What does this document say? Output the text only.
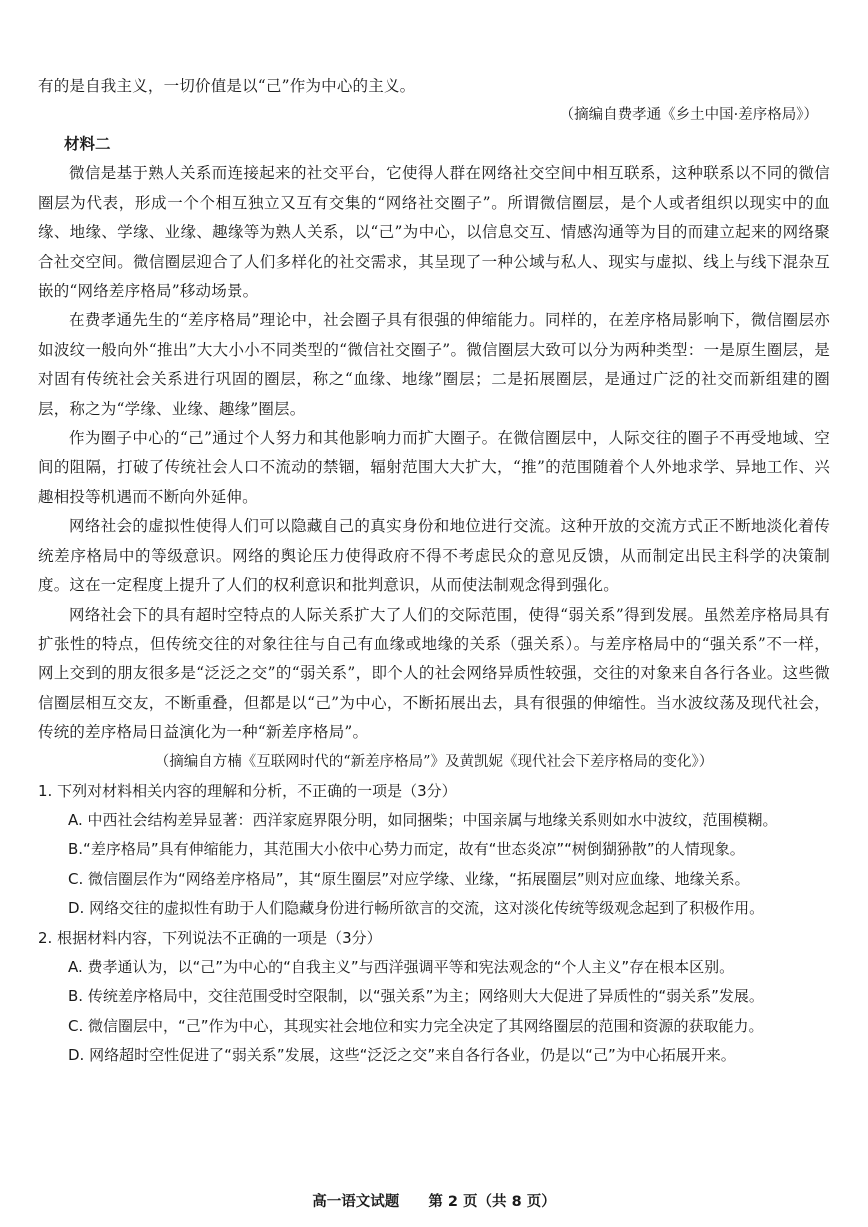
有的是自我主义，一切价值是以“己”作为中心的主义。

（摘编自费孝通《乡土中国·差序格局》）

材料二

微信是基于熟人关系而连接起来的社交平台，它使得人群在网络社交空间中相互联系，这种联系以不同的微信圈层为代表，形成一个个相互独立又互有交集的“网络社交圈子”。所谓微信圈层，是个人或者组织以现实中的血缘、地缘、学缘、业缘、趣缘等为熟人关系，以“己”为中心，以信息交互、情感沟通等为目的而建立起来的网络聚合社交空间。微信圈层迎合了人们多样化的社交需求，其呈现了一种公域与私人、现实与虚拟、线上与线下混杂互嵌的“网络差序格局”移动场景。

在费孝通先生的“差序格局”理论中，社会圈子具有很强的伸缩能力。同样的，在差序格局影响下，微信圈层亦如波纹一般向外“推出”大大小小不同类型的“微信社交圈子”。微信圈层大致可以分为两种类型：一是原生圈层，是对固有传统社会关系进行巩固的圈层，称之“血缘、地缘”圈层；二是拓展圈层，是通过广泛的社交而新组建的圈层，称之为“学缘、业缘、趣缘”圈层。

作为圈子中心的“己”通过个人努力和其他影响力而扩大圈子。在微信圈层中，人际交往的圈子不再受地域、空间的阻隔，打破了传统社会人口不流动的禁锢，辐射范围大大扩大，“推”的范围随着个人外地求学、异地工作、兴趣相投等机遇而不断向外延伸。

网络社会的虚拟性使得人们可以隐藏自己的真实身份和地位进行交流。这种开放的交流方式正不断地淡化着传统差序格局中的等级意识。网络的舆论压力使得政府不得不考虑民众的意见反馈，从而制定出民主科学的决策制度。这在一定程度上提升了人们的权利意识和批判意识，从而使法制观念得到强化。

网络社会下的具有超时空特点的人际关系扩大了人们的交际范围，使得“弱关系”得到发展。虽然差序格局具有扩张性的特点，但传统交往的对象往往与自己有血缘或地缘的关系（强关系）。与差序格局中的“强关系”不一样，网上交到的朋友很多是“泛泛之交”的“弱关系”，即个人的社会网络异质性较强，交往的对象来自各行各业。这些微信圈层相互交友，不断重叠，但都是以“己”为中心，不断拓展出去，具有很强的伸缩性。当水波纹荡及现代社会，传统的差序格局日益演化为一种“新差序格局”。

（摘编自方楠《互联网时代的“新差序格局”》及黄凯妮《现代社会下差序格局的变化》）

1. 下列对材料相关内容的理解和分析，不正确的一项是（3分）

A. 中西社会结构差异显著：西洋家庭界限分明，如同捆柴；中国亲属与地缘关系则如水中波纹，范围模糊。

B.“差序格局”具有伸缩能力，其范围大小依中心势力而定，故有“世态炎凉”“树倒猢狲散”的人情现象。

C. 微信圈层作为“网络差序格局”，其“原生圈层”对应学缘、业缘，“拓展圈层”则对应血缘、地缘关系。

D. 网络交往的虚拟性有助于人们隐藏身份进行畅所欲言的交流，这对淡化传统等级观念起到了积极作用。

2. 根据材料内容，下列说法不正确的一项是（3分）

A. 费孝通认为，以“己”为中心的“自我主义”与西洋强调平等和宪法观念的“个人主义”存在根本区别。

B. 传统差序格局中，交往范围受时空限制，以“强关系”为主；网络则大大促进了异质性的“弱关系”发展。

C. 微信圈层中，“己”作为中心，其现实社会地位和实力完全决定了其网络圈层的范围和资源的获取能力。

D. 网络超时空性促进了“弱关系”发展，这些“泛泛之交”来自各行各业，仍是以“己”为中心拓展开来。

高一语文试题 第 2 页（共 8 页）
